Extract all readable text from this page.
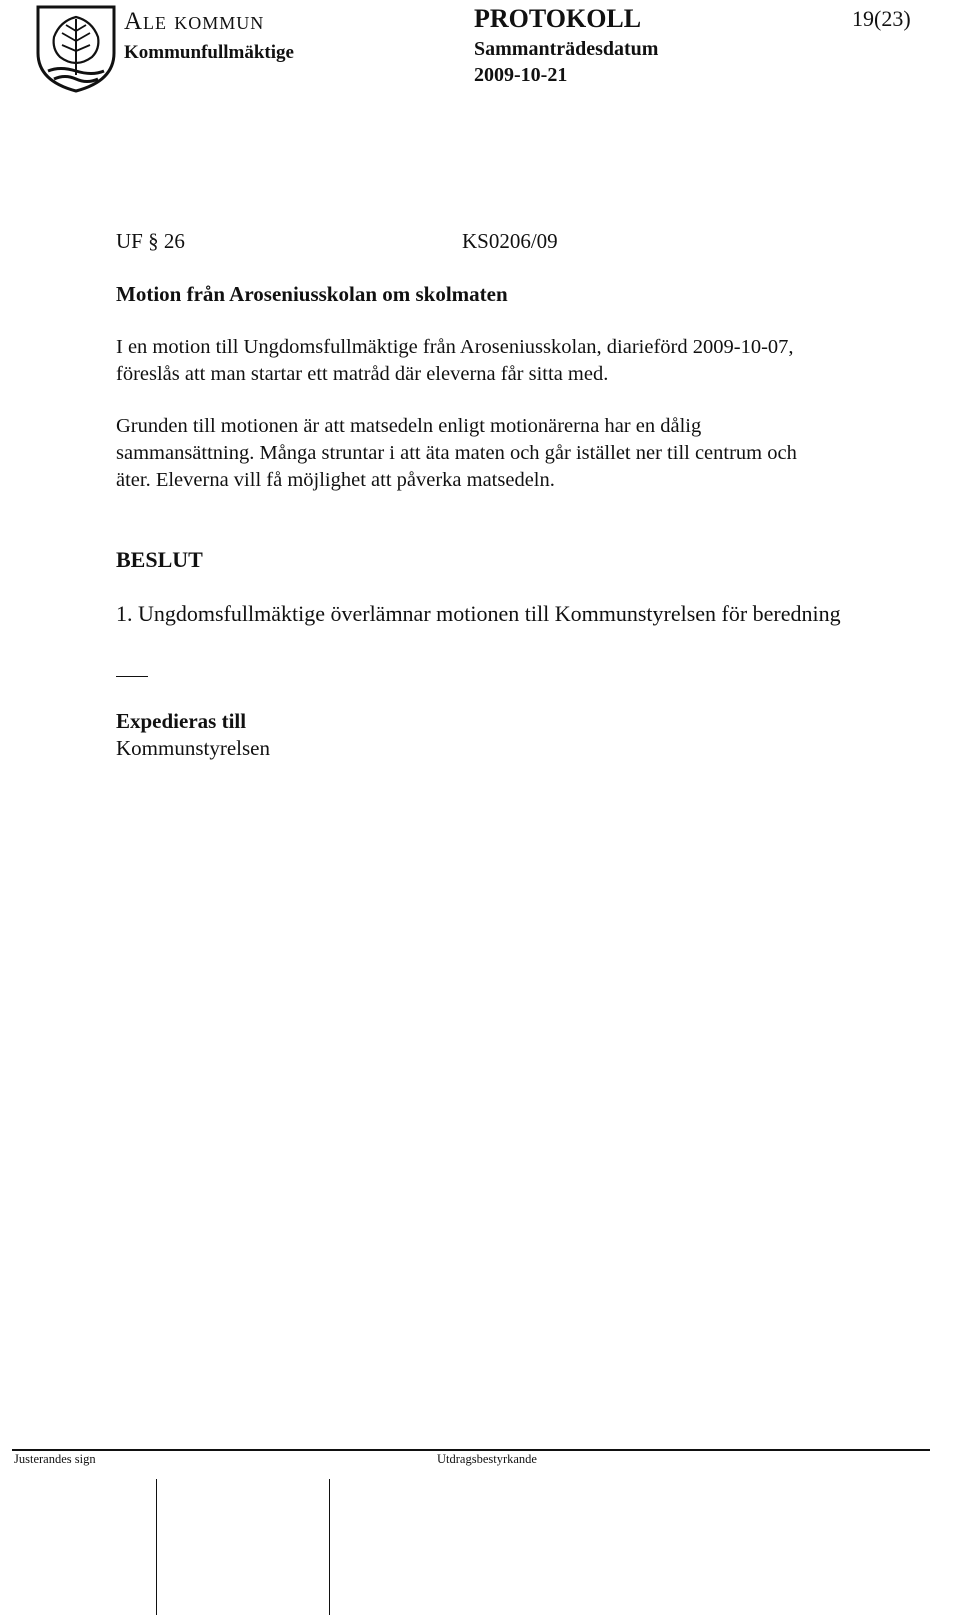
Ale kommun
Kommunfullmäktige
PROTOKOLL
Sammanträdesdatum
2009-10-21
19(23)
UF § 26	KS0206/09
Motion från Aroseniusskolan om skolmaten
I en motion till Ungdomsfullmäktige från Aroseniusskolan, diarieförd 2009-10-07,
föreslås att man startar ett matråd där eleverna får sitta med.
Grunden till motionen är att matsedeln enligt motionärerna har en dålig
sammansättning. Många struntar i att äta maten och går istället ner till centrum och
äter. Eleverna vill få möjlighet att påverka matsedeln.
BESLUT
1. Ungdomsfullmäktige överlämnar motionen till Kommunstyrelsen för beredning
Expedieras till
Kommunstyrelsen
Justerandes sign	Utdragsbestyrkande
